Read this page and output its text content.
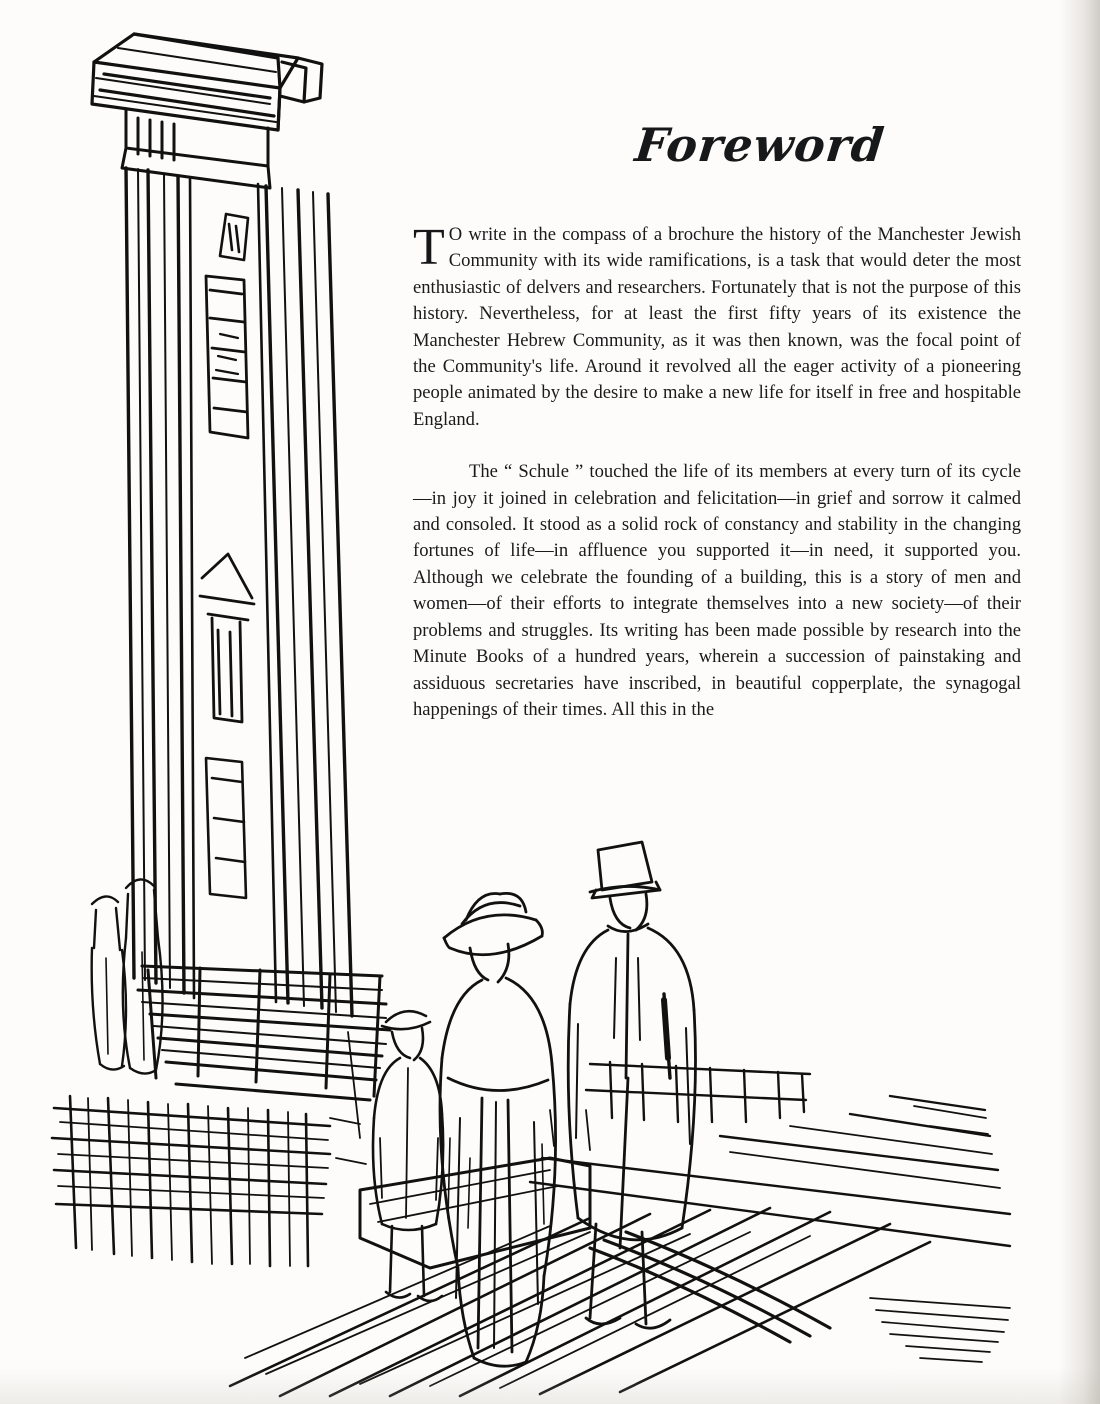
Foreword

T O write in the compass of a brochure the history of the Manchester Jewish Community with its wide ramifications, is a task that would deter the most enthusiastic of delvers and researchers. Fortunately that is not the purpose of this history. Nevertheless, for at least the first fifty years of its existence the Manchester Hebrew Community, as it was then known, was the focal point of the Community's life. Around it revolved all the eager activity of a pioneering people animated by the desire to make a new life for itself in free and hospitable England.

The “ Schule ” touched the life of its members at every turn of its cycle—in joy it joined in celebration and felicitation—in grief and sorrow it calmed and consoled. It stood as a solid rock of constancy and stability in the changing fortunes of life—in affluence you supported it—in need, it supported you. Although we celebrate the founding of a building, this is a story of men and women—of their efforts to integrate themselves into a new society—of their problems and struggles. Its writing has been made possible by research into the Minute Books of a hundred years, wherein a succession of painstaking and assiduous secretaries have inscribed, in beautiful copperplate, the synagogal happenings of their times. All this in the
